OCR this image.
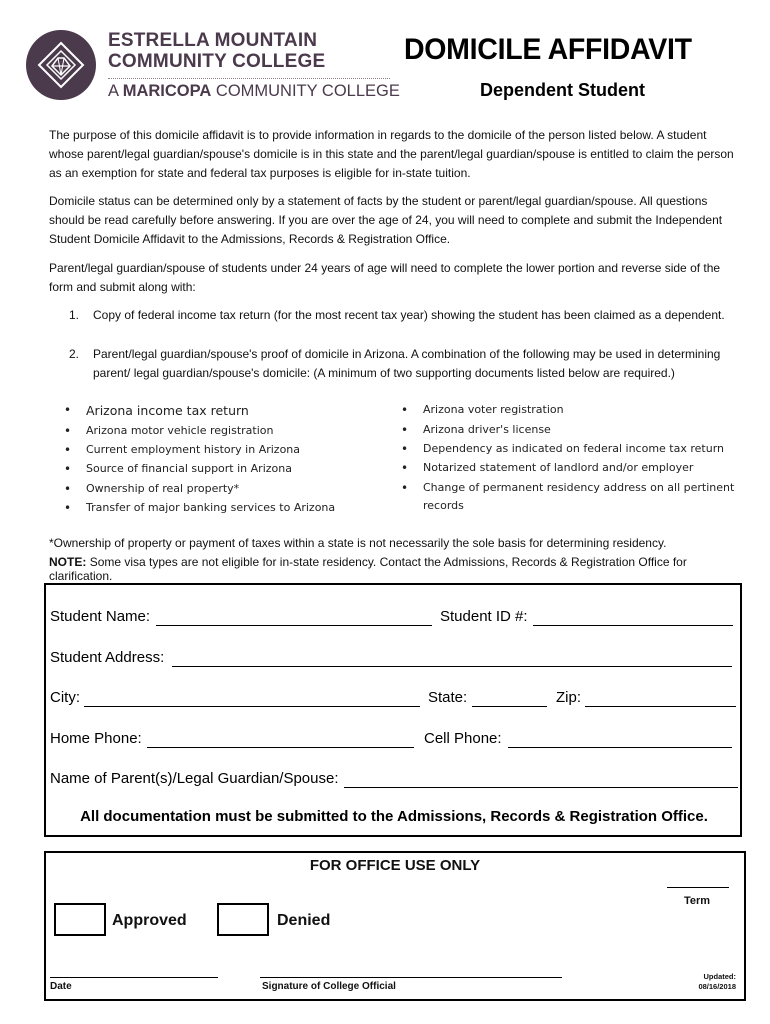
ESTRELLA MOUNTAIN
COMMUNITY COLLEGE
A MARICOPA COMMUNITY COLLEGE
DOMICILE AFFIDAVIT
Dependent Student
The purpose of this domicile affidavit is to provide information in regards to the domicile of the person listed below. A student whose parent/legal guardian/spouse's domicile is in this state and the parent/legal guardian/spouse is entitled to claim the person as an exemption for state and federal tax purposes is eligible for in-state tuition.
Domicile status can be determined only by a statement of facts by the student or parent/legal guardian/spouse. All questions should be read carefully before answering. If you are over the age of 24, you will need to complete and submit the Independent Student Domicile Affidavit to the Admissions, Records & Registration Office.
Parent/legal guardian/spouse of students under 24 years of age will need to complete the lower portion and reverse side of the form and submit along with:
1.	Copy of federal income tax return (for the most recent tax year) showing the student has been claimed as a dependent.
2.	Parent/legal guardian/spouse's proof of domicile in Arizona. A combination of the following may be used in determining parent/ legal guardian/spouse's domicile: (A minimum of two supporting documents listed below are required.)
• Arizona income tax return
• Arizona motor vehicle registration
• Current employment history in Arizona
• Source of financial support in Arizona
• Ownership of real property*
• Transfer of major banking services to Arizona
• Arizona voter registration
• Arizona driver's license
• Dependency as indicated on federal income tax return
• Notarized statement of landlord and/or employer
• Change of permanent residency address on all pertinent
records
*Ownership of property or payment of taxes within a state is not necessarily the sole basis for determining residency.
NOTE: Some visa types are not eligible for in-state residency. Contact the Admissions, Records & Registration Office for clarification.
Student Name:	Student ID #:
Student Address:
City:	State:	Zip:
Home Phone:	Cell Phone:
Name of Parent(s)/Legal Guardian/Spouse:
All documentation must be submitted to the Admissions, Records & Registration Office.
FOR OFFICE USE ONLY
Term
Approved	Denied
Date	Signature of College Official
Updated:
08/16/2018
